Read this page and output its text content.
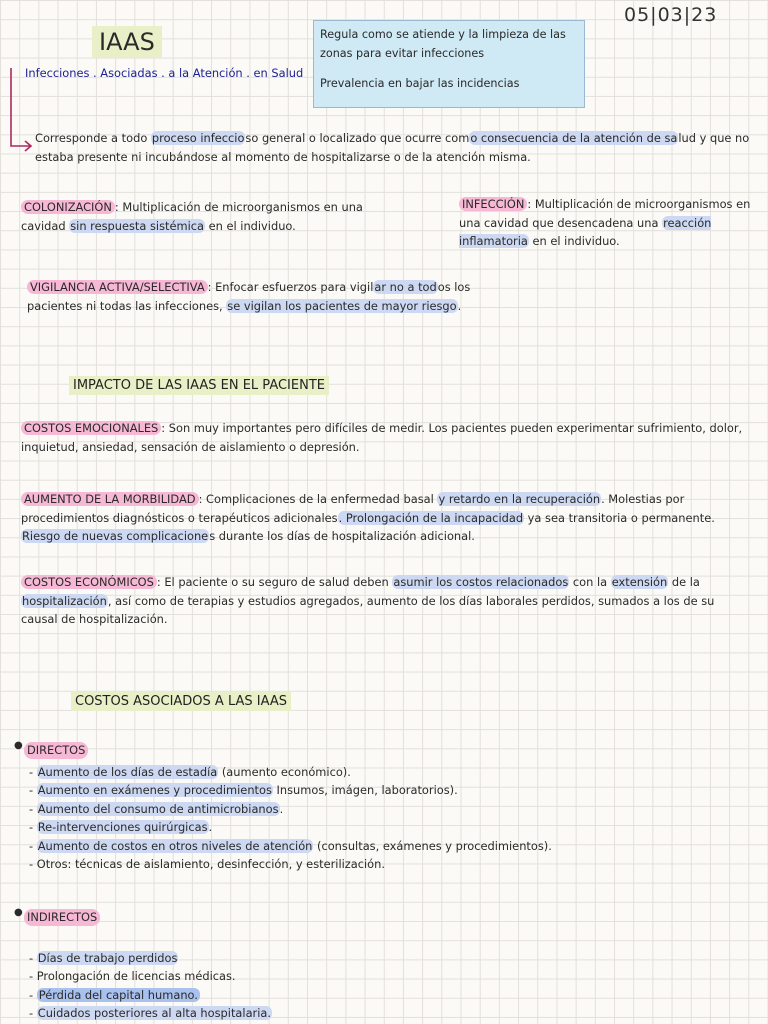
05|03|23
IAAS
Infecciones . Asociadas . a la Atención . en Salud
Regula como se atiende y la limpieza de las zonas para evitar infecciones
Prevalencia en bajar las incidencias

Corresponde a todo proceso infeccioso general o localizado que ocurre como consecuencia de la atención de salud y que no estaba presente ni incubándose al momento de hospitalizarse o de la atención misma.

COLONIZACIÓN : Multiplicación de microorganismos en una cavidad sin respuesta sistémica en el individuo.

INFECCIÓN : Multiplicación de microorganismos en una cavidad que desencadena una reacción inflamatoria en el individuo.

VIGILANCIA ACTIVA/SELECTIVA : Enfocar esfuerzos para vigilar no a todos los pacientes ni todas las infecciones, se vigilan los pacientes de mayor riesgo.

IMPACTO DE LAS IAAS EN EL PACIENTE

COSTOS EMOCIONALES : Son muy importantes pero difíciles de medir. Los pacientes pueden experimentar sufrimiento, dolor, inquietud, ansiedad, sensación de aislamiento o depresión.

AUMENTO DE LA MORBILIDAD : Complicaciones de la enfermedad basal y retardo en la recuperación. Molestias por procedimientos diagnósticos o terapéuticos adicionales. Prolongación de la incapacidad ya sea transitoria o permanente. Riesgo de nuevas complicaciones durante los días de hospitalización adicional.

COSTOS ECONÓMICOS : El paciente o su seguro de salud deben asumir los costos relacionados con la extensión de la hospitalización, así como de terapias y estudios agregados, aumento de los días laborales perdidos, sumados a los de su causal de hospitalización.

COSTOS ASOCIADOS A LAS IAAS
● DIRECTOS
- Aumento de los días de estadía (aumento económico).
- Aumento en exámenes y procedimientos Insumos, imágen, laboratorios).
- Aumento del consumo de antimicrobianos.
- Re-intervenciones quirúrgicas.
- Aumento de costos en otros niveles de atención (consultas, exámenes y procedimientos).
- Otros: técnicas de aislamiento, desinfección, y esterilización.
● INDIRECTOS
- Días de trabajo perdidos
- Prolongación de licencias médicas.
- Pérdida del capital humano.
- Cuidados posteriores al alta hospitalaria.
